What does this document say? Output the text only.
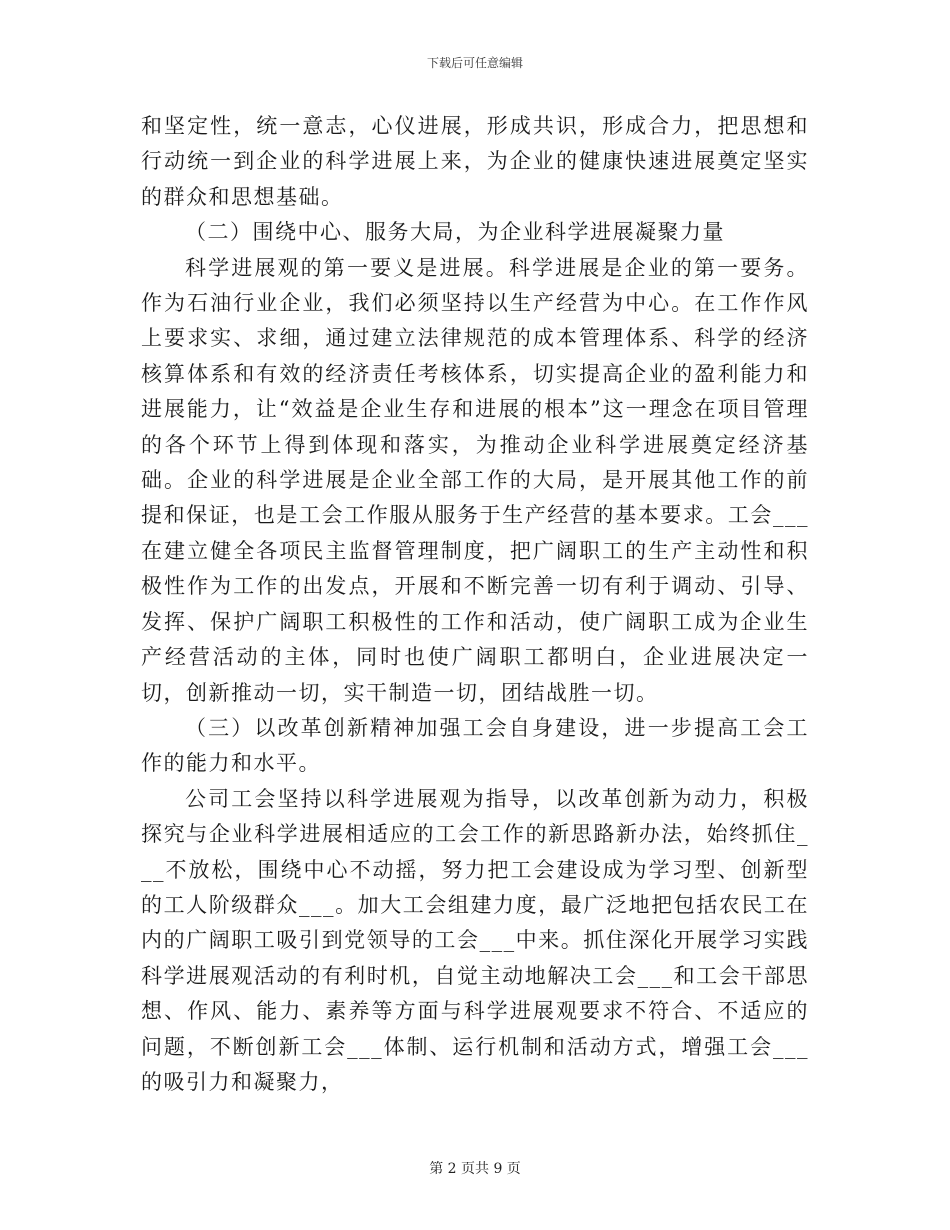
下载后可任意编辑

和坚定性，统一意志，心仪进展，形成共识，形成合力，把思想和行动统一到企业的科学进展上来，为企业的健康快速进展奠定坚实的群众和思想基础。

（二）围绕中心、服务大局，为企业科学进展凝聚力量

科学进展观的第一要义是进展。科学进展是企业的第一要务。作为石油行业企业，我们必须坚持以生产经营为中心。在工作作风上要求实、求细，通过建立法律规范的成本管理体系、科学的经济核算体系和有效的经济责任考核体系，切实提高企业的盈利能力和进展能力，让“效益是企业生存和进展的根本”这一理念在项目管理的各个环节上得到体现和落实，为推动企业科学进展奠定经济基础。企业的科学进展是企业全部工作的大局，是开展其他工作的前提和保证，也是工会工作服从服务于生产经营的基本要求。工会___在建立健全各项民主监督管理制度，把广阔职工的生产主动性和积极性作为工作的出发点，开展和不断完善一切有利于调动、引导、发挥、保护广阔职工积极性的工作和活动，使广阔职工成为企业生产经营活动的主体，同时也使广阔职工都明白，企业进展决定一切，创新推动一切，实干制造一切，团结战胜一切。

（三）以改革创新精神加强工会自身建设，进一步提高工会工作的能力和水平。

公司工会坚持以科学进展观为指导，以改革创新为动力，积极探究与企业科学进展相适应的工会工作的新思路新办法，始终抓住___不放松，围绕中心不动摇，努力把工会建设成为学习型、创新型的工人阶级群众___。加大工会组建力度，最广泛地把包括农民工在内的广阔职工吸引到党领导的工会___中来。抓住深化开展学习实践科学进展观活动的有利时机，自觉主动地解决工会___和工会干部思想、作风、能力、素养等方面与科学进展观要求不符合、不适应的问题，不断创新工会___体制、运行机制和活动方式，增强工会___的吸引力和凝聚力，

第 2 页共 9 页
